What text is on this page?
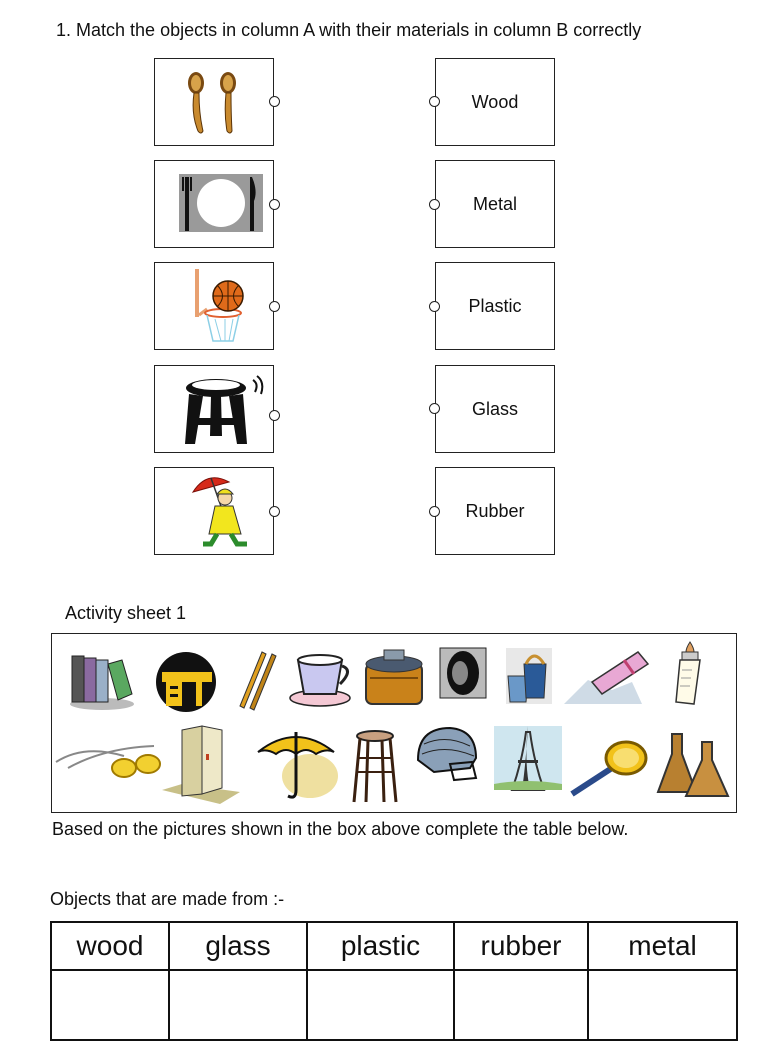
1. Match the objects in column A with their materials in column B correctly
Wood
Metal
Plastic
Glass
Rubber
Activity sheet 1
Based on the pictures shown in the box above complete the table below.
Objects that are made from :-
wood	glass	plastic	rubber	metal
